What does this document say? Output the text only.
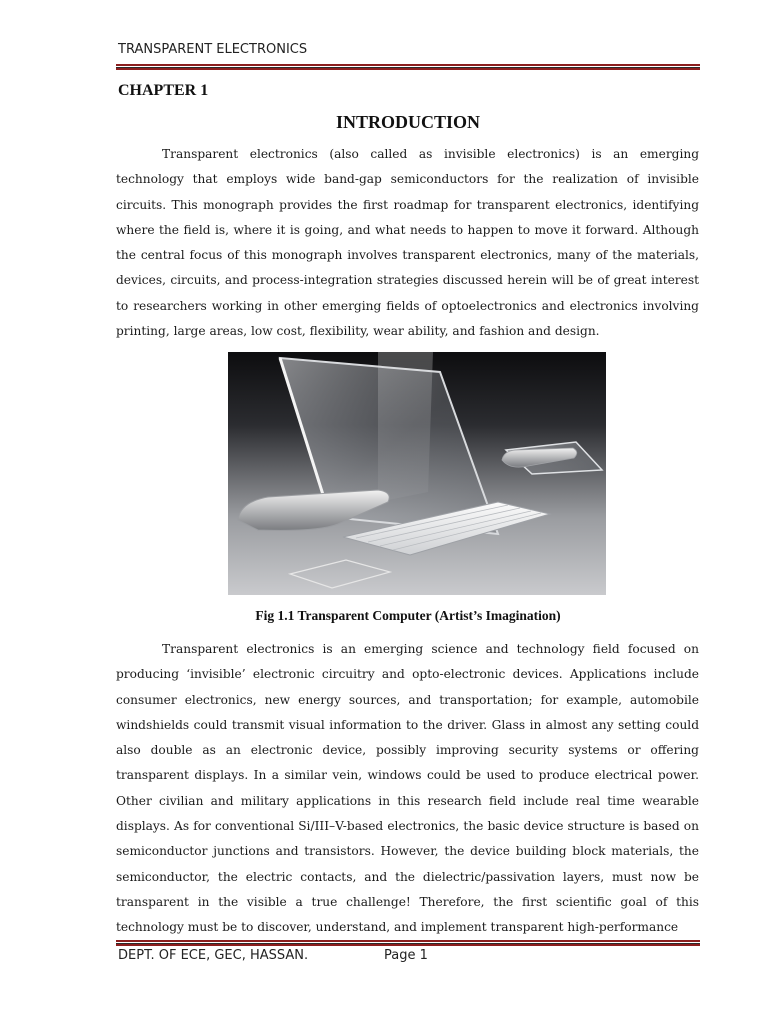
TRANSPARENT ELECTRONICS
CHAPTER 1
INTRODUCTION

Transparent electronics (also called as invisible electronics) is an emerging technology that employs wide band-gap semiconductors for the realization of invisible circuits. This monograph provides the first roadmap for transparent electronics, identifying where the field is, where it is going, and what needs to happen to move it forward. Although the central focus of this monograph involves transparent electronics, many of the materials, devices, circuits, and process-integration strategies discussed herein will be of great interest to researchers working in other emerging fields of optoelectronics and electronics involving printing, large areas, low cost, flexibility, wear ability, and fashion and design.

Fig 1.1 Transparent Computer (Artist’s Imagination)

Transparent electronics is an emerging science and technology field focused on producing ‘invisible’ electronic circuitry and opto-electronic devices. Applications include consumer electronics, new energy sources, and transportation; for example, automobile windshields could transmit visual information to the driver. Glass in almost any setting could also double as an electronic device, possibly improving security systems or offering transparent displays. In a similar vein, windows could be used to produce electrical power. Other civilian and military applications in this research field include real time wearable displays. As for conventional Si/III–V-based electronics, the basic device structure is based on semiconductor junctions and transistors. However, the device building block materials, the semiconductor, the electric contacts, and the dielectric/passivation layers, must now be transparent in the visible a true challenge! Therefore, the first scientific goal of this technology must be to discover, understand, and implement transparent high-performance

DEPT. OF ECE, GEC, HASSAN.	Page 1
